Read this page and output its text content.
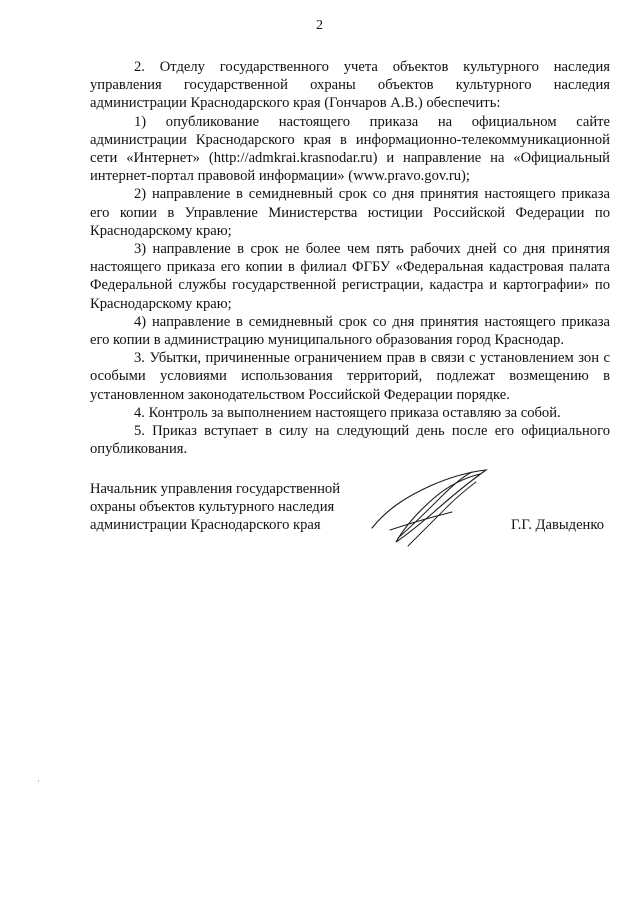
2

2. Отделу государственного учета объектов культурного наследия управления государственной охраны объектов культурного наследия администрации Краснодарского края (Гончаров А.В.) обеспечить:

1) опубликование настоящего приказа на официальном сайте администрации Краснодарского края в информационно-телекоммуникационной сети «Интернет» (http://admkrai.krasnodar.ru) и направление на «Официальный интернет-портал правовой информации» (www.pravo.gov.ru);

2) направление в семидневный срок со дня принятия настоящего приказа его копии в Управление Министерства юстиции Российской Федерации по Краснодарскому краю;

3) направление в срок не более чем пять рабочих дней со дня принятия настоящего приказа его копии в филиал ФГБУ «Федеральная кадастровая палата Федеральной службы государственной регистрации, кадастра и картографии» по Краснодарскому краю;

4) направление в семидневный срок со дня принятия настоящего приказа его копии в администрацию муниципального образования город Краснодар.

3. Убытки, причиненные ограничением прав в связи с установлением зон с особыми условиями использования территорий, подлежат возмещению в установленном законодательством Российской Федерации порядке.

4. Контроль за выполнением настоящего приказа оставляю за собой.

5. Приказ вступает в силу на следующий день после его официального опубликования.

Начальник управления государственной
охраны объектов культурного наследия
администрации Краснодарского края	Г.Г. Давыденко
